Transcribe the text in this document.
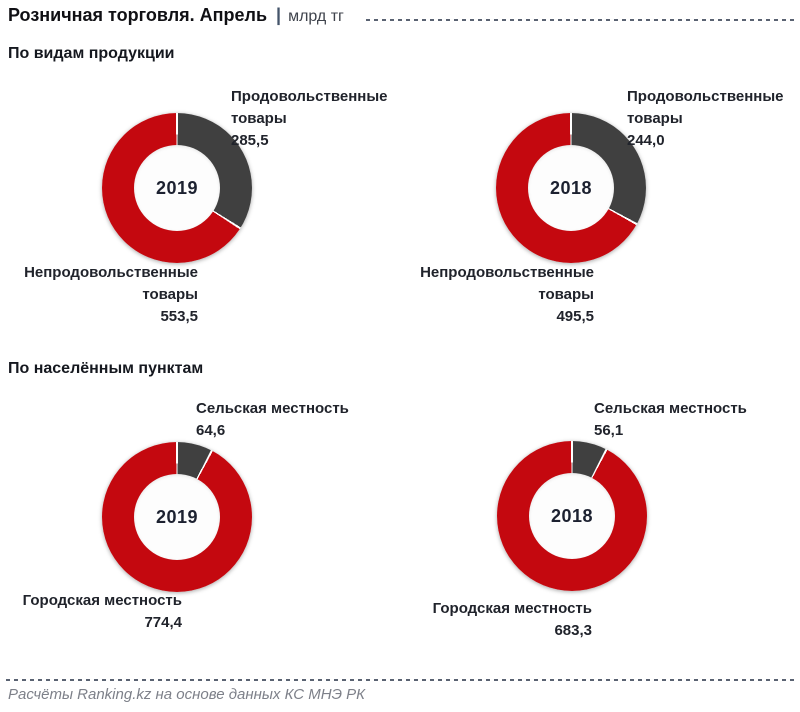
Розничная торговля. Апрель | млрд тг
По видам продукции
2019
Продовольственные товары
285,5
Непродовольственные товары
553,5
2018
Продовольственные товары
244,0
Непродовольственные товары
495,5
По населённым пунктам
2019
Сельская местность
64,6
Городская местность
774,4
2018
Сельская местность
56,1
Городская местность
683,3
Расчёты Ranking.kz на основе данных КС МНЭ РК
